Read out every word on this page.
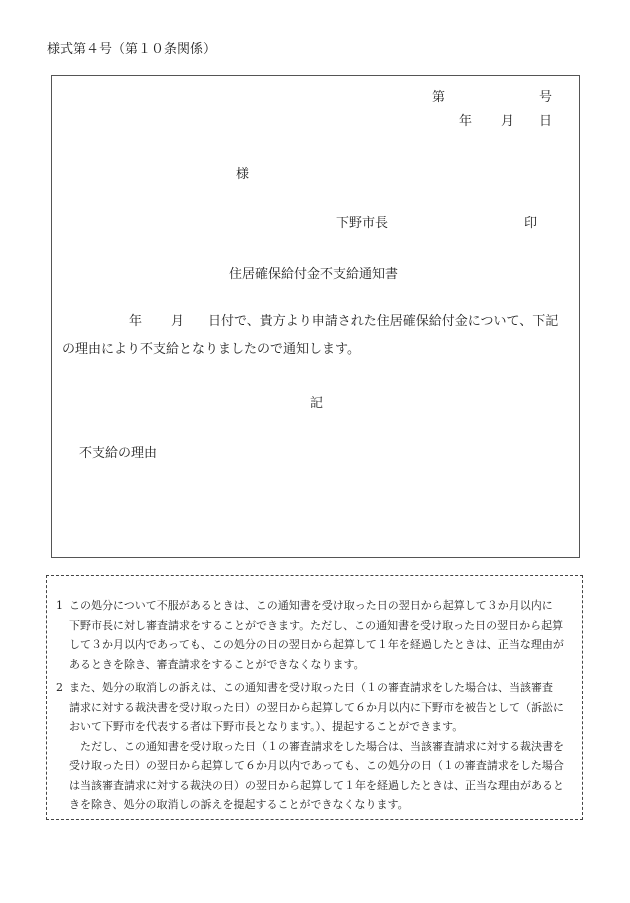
様式第４号（第１０条関係）
第	号
年 月 日
様
下野市長	印
住居確保給付金不支給通知書
年 月 日付で、貴方より申請された住居確保給付金について、下記
の理由により不支給となりましたので通知します。
記
不支給の理由
1 この処分について不服があるときは、この通知書を受け取った日の翌日から起算して３か月以内に
下野市長に対し審査請求をすることができます。ただし、この通知書を受け取った日の翌日から起算
して３か月以内であっても、この処分の日の翌日から起算して１年を経過したときは、正当な理由が
あるときを除き、審査請求をすることができなくなります。
2 また、処分の取消しの訴えは、この通知書を受け取った日（１の審査請求をした場合は、当該審査
請求に対する裁決書を受け取った日）の翌日から起算して６か月以内に下野市を被告として（訴訟に
おいて下野市を代表する者は下野市長となります。）、提起することができます。
ただし、この通知書を受け取った日（１の審査請求をした場合は、当該審査請求に対する裁決書を
受け取った日）の翌日から起算して６か月以内であっても、この処分の日（１の審査請求をした場合
は当該審査請求に対する裁決の日）の翌日から起算して１年を経過したときは、正当な理由があると
きを除き、処分の取消しの訴えを提起することができなくなります。
